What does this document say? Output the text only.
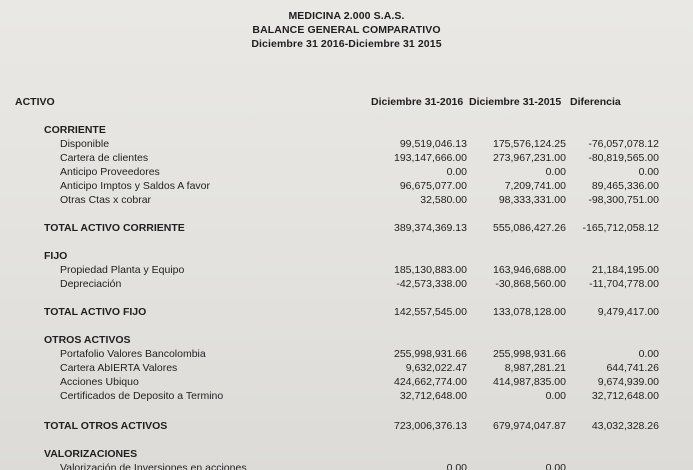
MEDICINA 2.000 S.A.S.
BALANCE GENERAL COMPARATIVO
Diciembre 31 2016-Diciembre 31 2015
ACTIVO	Diciembre 31-2016 Diciembre 31-2015 Diferencia
CORRIENTE
Disponible	99,519,046.13 175,576,124.25 -76,057,078.12
Cartera de clientes	193,147,666.00 273,967,231.00 -80,819,565.00
Anticipo Proveedores	0.00	0.00	0.00
Anticipo Imptos y Saldos A favor	96,675,077.00	7,209,741.00 89,465,336.00
Otras Ctas x cobrar	32,580.00	98,333,331.00 -98,300,751.00
TOTAL ACTIVO CORRIENTE	389,374,369.13 555,086,427.26 -165,712,058.12
FIJO
Propiedad Planta y Equipo	185,130,883.00 163,946,688.00 21,184,195.00
Depreciación	-42,573,338.00	-30,868,560.00 -11,704,778.00
TOTAL ACTIVO FIJO	142,557,545.00 133,078,128.00	9,479,417.00
OTROS ACTIVOS
Portafolio Valores Bancolombia	255,998,931.66 255,998,931.66	0.00
Cartera AbIERTA Valores	9,632,022.47	8,987,281.21	644,741.26
Acciones Ubiquo	424,662,774.00 414,987,835.00	9,674,939.00
Certificados de Deposito a Termino	32,712,648.00	0.00 32,712,648.00
TOTAL OTROS ACTIVOS	723,006,376.13 679,974,047.87 43,032,328.26
VALORIZACIONES
Valorización de Inversiones en acciones	0.00	0.00
